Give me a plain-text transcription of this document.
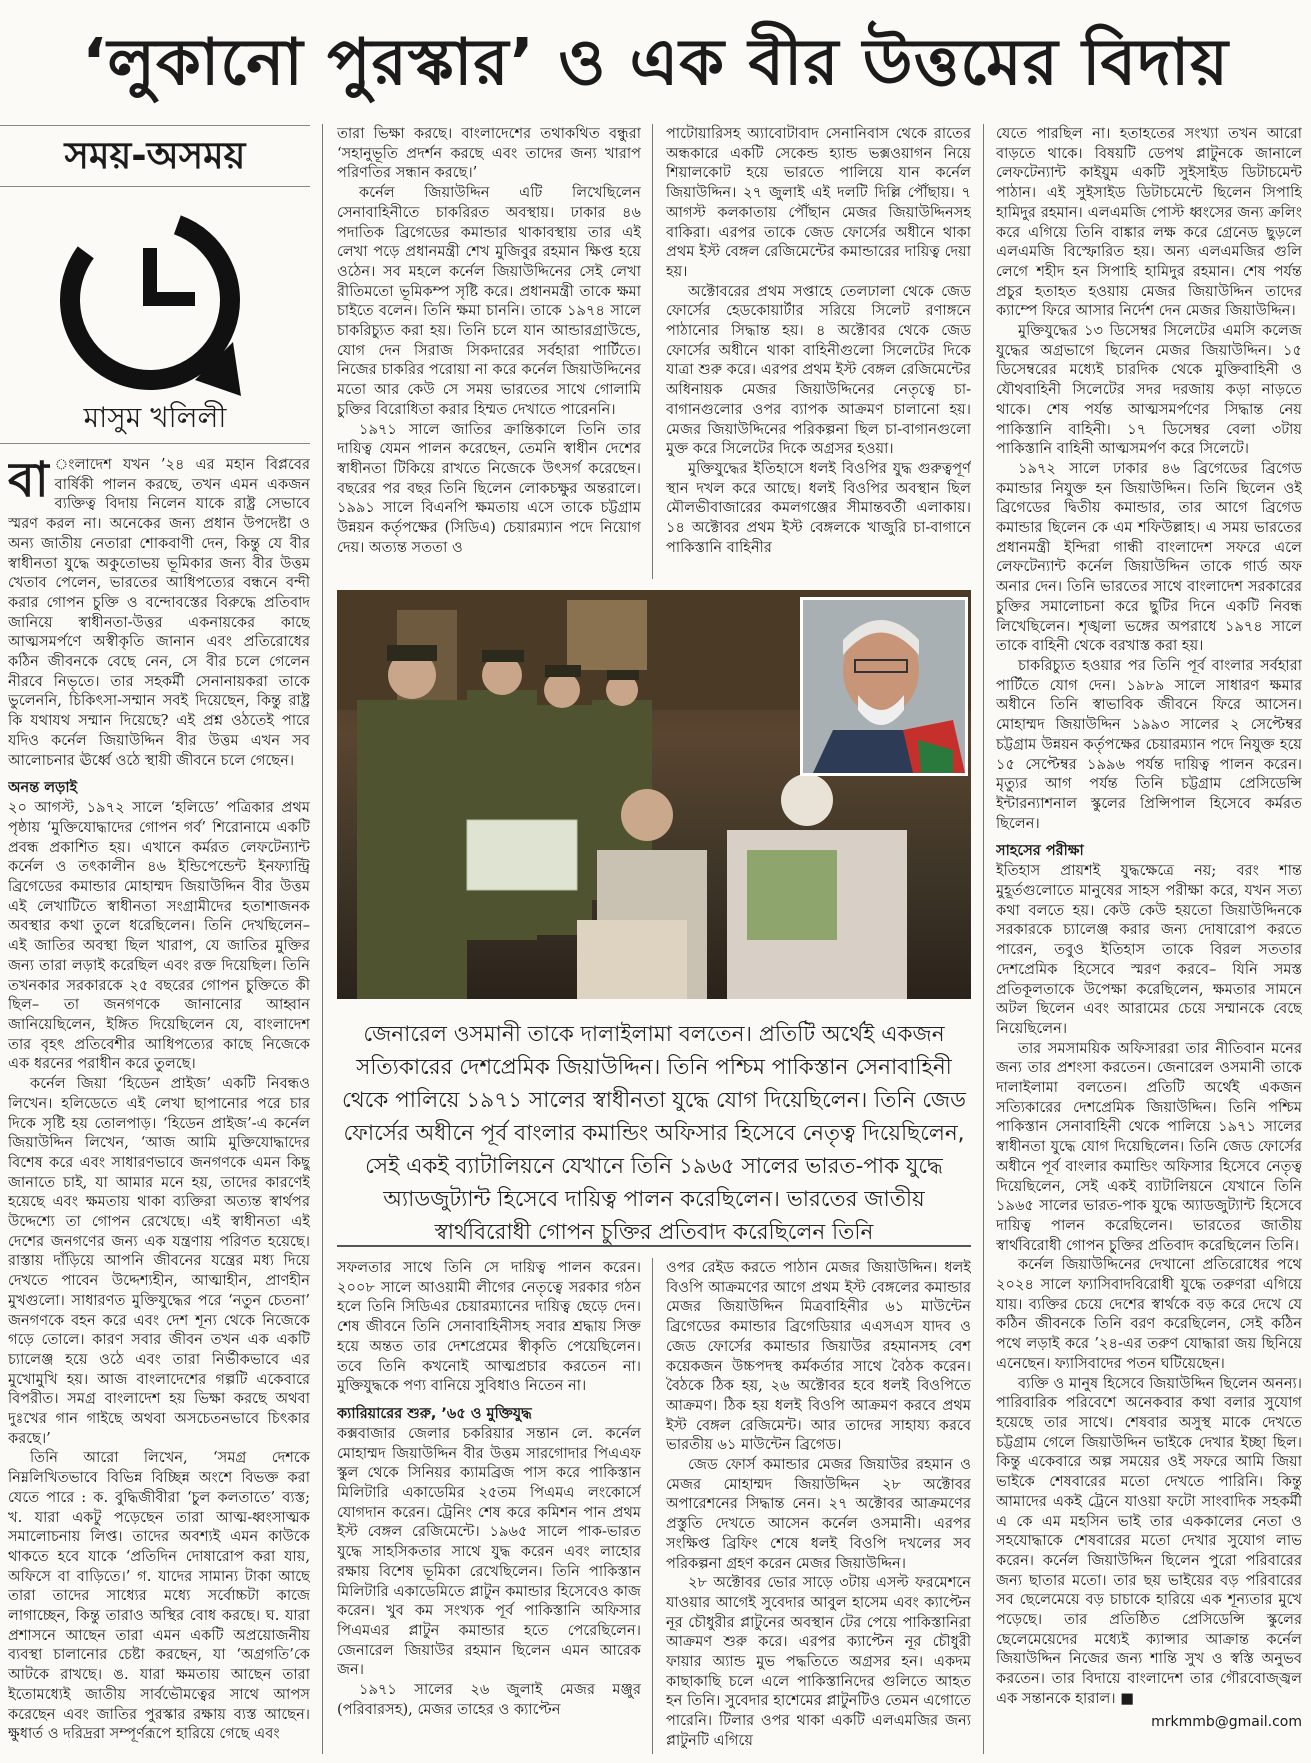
‘লুকানো পুরস্কার’ ও এক বীর উত্তমের বিদায়
সময়-অসময়
মাসুম খলিলী

বা ংলাদেশ যখন ’২৪ এর মহান বিপ্লবের বার্ষিকী পালন করছে, তখন এমন একজন ব্যক্তিত্ব বিদায় নিলেন যাকে রাষ্ট্র সেভাবে স্মরণ করল না। অনেকের জন্য প্রধান উপদেষ্টা ও অন্য জাতীয় নেতারা শোকবাণী দেন, কিন্তু যে বীর স্বাধীনতা যুদ্ধে অকুতোভয় ভূমিকার জন্য বীর উত্তম খেতাব পেলেন, ভারতের আধিপত্যের বন্ধনে বন্দী করার গোপন চুক্তি ও বন্দোবস্তের বিরুদ্ধে প্রতিবাদ জানিয়ে স্বাধীনতা-উত্তর একনায়কের কাছে আত্মসমর্পণে অস্বীকৃতি জানান এবং প্রতিরোধের কঠিন জীবনকে বেছে নেন, সে বীর চলে গেলেন নীরবে নিভৃতে। তার সহকর্মী সেনানায়করা তাকে ভুলেননি, চিকিৎসা-সম্মান সবই দিয়েছেন, কিন্তু রাষ্ট্র কি যথাযথ সম্মান দিয়েছে? এই প্রশ্ন ওঠতেই পারে যদিও কর্নেল জিয়াউদ্দিন বীর উত্তম এখন সব আলোচনার ঊর্ধ্বে ওঠে স্থায়ী জীবনে চলে গেছেন।

অনন্ত লড়াই

২০ আগস্ট, ১৯৭২ সালে ‘হলিডে’ পত্রিকার প্রথম পৃষ্ঠায় ‘মুক্তিযোদ্ধাদের গোপন গর্ব’ শিরোনামে একটি প্রবন্ধ প্রকাশিত হয়। এখানে কর্মরত লেফটেন্যান্ট কর্নেল ও তৎকালীন ৪৬ ইন্ডিপেন্ডেন্ট ইনফ্যান্ট্রি ব্রিগেডের কমান্ডার মোহাম্মদ জিয়াউদ্দিন বীর উত্তম এই লেখাটিতে স্বাধীনতা সংগ্রামীদের হতাশাজনক অবস্থার কথা তুলে ধরেছিলেন। তিনি দেখছিলেন– এই জাতির অবস্থা ছিল খারাপ, যে জাতির মুক্তির জন্য তারা লড়াই করেছিল এবং রক্ত দিয়েছিল। তিনি তখনকার সরকারকে ২৫ বছরের গোপন চুক্তিতে কী ছিল– তা জনগণকে জানানোর আহ্বান জানিয়েছিলেন, ইঙ্গিত দিয়েছিলেন যে, বাংলাদেশ তার বৃহৎ প্রতিবেশীর আধিপত্যের কাছে নিজেকে এক ধরনের পরাধীন করে তুলছে।

কর্নেল জিয়া ‘হিডেন প্রাইজ’ একটি নিবন্ধও লিখেন। হলিডেতে এই লেখা ছাপানোর পরে চার দিকে সৃষ্টি হয় তোলপাড়। ‘হিডেন প্রাইজ’-এ কর্নেল জিয়াউদ্দিন লিখেন, ‘আজ আমি মুক্তিযোদ্ধাদের বিশেষ করে এবং সাধারণভাবে জনগণকে এমন কিছু জানাতে চাই, যা আমার মনে হয়, তাদের কারণেই হয়েছে এবং ক্ষমতায় থাকা ব্যক্তিরা অত্যন্ত স্বার্থপর উদ্দেশ্যে তা গোপন রেখেছে। এই স্বাধীনতা এই দেশের জনগণের জন্য এক যন্ত্রণায় পরিণত হয়েছে। রাস্তায় দাঁড়িয়ে আপনি জীবনের যন্ত্রের মধ্য দিয়ে দেখতে পাবেন উদ্দেশ্যহীন, আত্মাহীন, প্রাণহীন মুখগুলো। সাধারণত মুক্তিযুদ্ধের পরে ‘নতুন চেতনা’ জনগণকে বহন করে এবং দেশ শূন্য থেকে নিজেকে গড়ে তোলে। কারণ সবার জীবন তখন এক একটি চ্যালেঞ্জ হয়ে ওঠে এবং তারা নির্ভীকভাবে এর মুখোমুখি হয়। আজ বাংলাদেশের গল্পটি একেবারে বিপরীত। সমগ্র বাংলাদেশ হয় ভিক্ষা করছে অথবা দুঃখের গান গাইছে অথবা অসচেতনভাবে চিৎকার করছে।’

তিনি আরো লিখেন, ‘সমগ্র দেশকে নিম্নলিখিতভাবে বিভিন্ন বিচ্ছিন্ন অংশে বিভক্ত করা যেতে পারে : ক. বুদ্ধিজীবীরা ‘চুল কলতাতে’ ব্যস্ত; খ. যারা একটু পড়েছেন তারা আত্ম-ধ্বংসাত্মক সমালোচনায় লিপ্ত। তাদের অবশ্যই এমন কাউকে থাকতে হবে যাকে ‘প্রতিদিন দোষারোপ করা যায়, অফিসে বা বাড়িতে।’ গ. যাদের সামান্য টাকা আছে তারা তাদের সাধ্যের মধ্যে সর্বোচ্চটা কাজে লাগাচ্ছেন, কিন্তু তারাও অস্থির বোধ করছে। ঘ. যারা প্রশাসনে আছেন তারা এমন একটি অপ্রয়োজনীয় ব্যবস্থা চালানোর চেষ্টা করছেন, যা ‘অগ্রগতি’কে আটকে রাখছে। ঙ. যারা ক্ষমতায় আছেন তারা ইতোমধ্যেই জাতীয় সার্বভৌমত্বের সাথে আপস করেছেন এবং জাতির পুরস্কার রক্ষায় ব্যস্ত আছেন। ক্ষুধার্ত ও দরিদ্ররা সম্পূর্ণরূপে হারিয়ে গেছে এবং

তারা ভিক্ষা করছে। বাংলাদেশের তথাকথিত বন্ধুরা ‘সহানুভূতি প্রদর্শন করছে এবং তাদের জন্য খারাপ পরিণতির সন্ধান করছে।’

কর্নেল জিয়াউদ্দিন এটি লিখেছিলেন সেনাবাহিনীতে চাকরিরত অবস্থায়। ঢাকার ৪৬ পদাতিক ব্রিগেডের কমান্ডার থাকাবস্থায় তার এই লেখা পড়ে প্রধানমন্ত্রী শেখ মুজিবুর রহমান ক্ষিপ্ত হয়ে ওঠেন। সব মহলে কর্নেল জিয়াউদ্দিনের সেই লেখা রীতিমতো ভূমিকম্প সৃষ্টি করে। প্রধানমন্ত্রী তাকে ক্ষমা চাইতে বলেন। তিনি ক্ষমা চাননি। তাকে ১৯৭৪ সালে চাকরিচ্যুত করা হয়। তিনি চলে যান আন্ডারগ্রাউন্ডে, যোগ দেন সিরাজ সিকদারের সর্বহারা পার্টিতে। নিজের চাকরির পরোয়া না করে কর্নেল জিয়াউদ্দিনের মতো আর কেউ সে সময় ভারতের সাথে গোলামি চুক্তির বিরোধিতা করার হিম্মত দেখাতে পারেননি।

১৯৭১ সালে জাতির ক্রান্তিকালে তিনি তার দায়িত্ব যেমন পালন করেছেন, তেমনি স্বাধীন দেশের স্বাধীনতা টিকিয়ে রাখতে নিজেকে উৎসর্গ করেছেন। বছরের পর বছর তিনি ছিলেন লোকচক্ষুর অন্তরালে। ১৯৯১ সালে বিএনপি ক্ষমতায় এসে তাকে চট্টগ্রাম উন্নয়ন কর্তৃপক্ষের (সিডিএ) চেয়ারম্যান পদে নিয়োগ দেয়। অত্যন্ত সততা ও

পাটোয়ারিসহ অ্যাবোটাবাদ সেনানিবাস থেকে রাতের অন্ধকারে একটি সেকেন্ড হ্যান্ড ভক্সওয়াগন নিয়ে শিয়ালকোট হয়ে ভারতে পালিয়ে যান কর্নেল জিয়াউদ্দিন। ২৭ জুলাই এই দলটি দিল্লি পৌঁছায়। ৭ আগস্ট কলকাতায় পৌঁছান মেজর জিয়াউদ্দিনসহ বাকিরা। এরপর তাকে জেড ফোর্সের অধীনে থাকা প্রথম ইস্ট বেঙ্গল রেজিমেন্টের কমান্ডারের দায়িত্ব দেয়া হয়।

অক্টোবরের প্রথম সপ্তাহে তেলঢালা থেকে জেড ফোর্সের হেডকোয়ার্টার সরিয়ে সিলেট রণাঙ্গনে পাঠানোর সিদ্ধান্ত হয়। ৪ অক্টোবর থেকে জেড ফোর্সের অধীনে থাকা বাহিনীগুলো সিলেটের দিকে যাত্রা শুরু করে। এরপর প্রথম ইস্ট বেঙ্গল রেজিমেন্টের অধিনায়ক মেজর জিয়াউদ্দিনের নেতৃত্বে চা-বাগানগুলোর ওপর ব্যাপক আক্রমণ চালানো হয়। মেজর জিয়াউদ্দিনের পরিকল্পনা ছিল চা-বাগানগুলো মুক্ত করে সিলেটের দিকে অগ্রসর হওয়া।

মুক্তিযুদ্ধের ইতিহাসে ধলই বিওপির যুদ্ধ গুরুত্বপূর্ণ স্থান দখল করে আছে। ধলই বিওপির অবস্থান ছিল মৌলভীবাজারের কমলগঞ্জের সীমান্তবর্তী এলাকায়। ১৪ অক্টোবর প্রথম ইস্ট বেঙ্গলকে খাজুরি চা-বাগানে পাকিস্তানি বাহিনীর

জেনারেল ওসমানী তাকে দালাইলামা বলতেন। প্রতিটি অর্থেই একজন সত্যিকারের দেশপ্রেমিক জিয়াউদ্দিন। তিনি পশ্চিম পাকিস্তান সেনাবাহিনী থেকে পালিয়ে ১৯৭১ সালের স্বাধীনতা যুদ্ধে যোগ দিয়েছিলেন। তিনি জেড ফোর্সের অধীনে পূর্ব বাংলার কমান্ডিং অফিসার হিসেবে নেতৃত্ব দিয়েছিলেন, সেই একই ব্যাটালিয়নে যেখানে তিনি ১৯৬৫ সালের ভারত-পাক যুদ্ধে অ্যাডজুট্যান্ট হিসেবে দায়িত্ব পালন করেছিলেন। ভারতের জাতীয় স্বার্থবিরোধী গোপন চুক্তির প্রতিবাদ করেছিলেন তিনি

সফলতার সাথে তিনি সে দায়িত্ব পালন করেন। ২০০৮ সালে আওয়ামী লীগের নেতৃত্বে সরকার গঠন হলে তিনি সিডিএর চেয়ারম্যানের দায়িত্ব ছেড়ে দেন। শেষ জীবনে তিনি সেনাবাহিনীসহ সবার শ্রদ্ধায় সিক্ত হয়ে অন্তত তার দেশপ্রেমের স্বীকৃতি পেয়েছিলেন। তবে তিনি কখনোই আত্মপ্রচার করতেন না। মুক্তিযুদ্ধকে পণ্য বানিয়ে সুবিধাও নিতেন না।

ক্যারিয়ারের শুরু, ’৬৫ ও মুক্তিযুদ্ধ

কক্সবাজার জেলার চকরিয়ার সন্তান লে. কর্নেল মোহাম্মদ জিয়াউদ্দিন বীর উত্তম সারগোদার পিএএফ স্কুল থেকে সিনিয়র ক্যামব্রিজ পাস করে পাকিস্তান মিলিটারি একাডেমির ২৫তম পিএমএ লংকোর্সে যোগদান করেন। ট্রেনিং শেষ করে কমিশন পান প্রথম ইস্ট বেঙ্গল রেজিমেন্টে। ১৯৬৫ সালে পাক-ভারত যুদ্ধে সাহসিকতার সাথে যুদ্ধ করেন এবং লাহোর রক্ষায় বিশেষ ভূমিকা রেখেছিলেন। তিনি পাকিস্তান মিলিটারি একাডেমিতে প্লাটুন কমান্ডার হিসেবেও কাজ করেন। খুব কম সংখ্যক পূর্ব পাকিস্তানি অফিসার পিএমএর প্লাটুন কমান্ডার হতে পেরেছিলেন। জেনারেল জিয়াউর রহমান ছিলেন এমন আরেক জন।

১৯৭১ সালের ২৬ জুলাই মেজর মঞ্জুর (পরিবারসহ), মেজর তাহের ও ক্যাপ্টেন

ওপর রেইড করতে পাঠান মেজর জিয়াউদ্দিন। ধলই বিওপি আক্রমণের আগে প্রথম ইস্ট বেঙ্গলের কমান্ডার মেজর জিয়াউদ্দিন মিত্রবাহিনীর ৬১ মাউন্টেন ব্রিগেডের কমান্ডার ব্রিগেডিয়ার এএসএস যাদব ও জেড ফোর্সের কমান্ডার জিয়াউর রহমানসহ বেশ কয়েকজন উচ্চপদস্থ কর্মকর্তার সাথে বৈঠক করেন। বৈঠকে ঠিক হয়, ২৬ অক্টোবর হবে ধলই বিওপিতে আক্রমণ। ঠিক হয় ধলই বিওপি আক্রমণ করবে প্রথম ইস্ট বেঙ্গল রেজিমেন্ট। আর তাদের সাহায্য করবে ভারতীয় ৬১ মাউন্টেন ব্রিগেড।

জেড ফোর্স কমান্ডার মেজর জিয়াউর রহমান ও মেজর মোহাম্মদ জিয়াউদ্দিন ২৮ অক্টোবর অপারেশনের সিদ্ধান্ত নেন। ২৭ অক্টোবর আক্রমণের প্রস্তুতি দেখতে আসেন কর্নেল ওসমানী। এরপর সংক্ষিপ্ত ব্রিফিং শেষে ধলই বিওপি দখলের সব পরিকল্পনা গ্রহণ করেন মেজর জিয়াউদ্দিন।

২৮ অক্টোবর ভোর সাড়ে ৩টায় এসল্ট ফরমেশনে যাওয়ার আগেই সুবেদার আবুল হাসেম এবং ক্যাপ্টেন নূর চৌধুরীর প্লাটুনের অবস্থান টের পেয়ে পাকিস্তানিরা আক্রমণ শুরু করে। এরপর ক্যাপ্টেন নূর চৌধুরী ফায়ার অ্যান্ড মুভ পদ্ধতিতে অগ্রসর হন। একদম কাছাকাছি চলে এলে পাকিস্তানিদের গুলিতে আহত হন তিনি। সুবেদার হাশেমের প্লাটুনটিও তেমন এগোতে পারেনি। টিলার ওপর থাকা একটি এলএমজির জন্য প্লাটুনটি এগিয়ে

যেতে পারছিল না। হতাহতের সংখ্যা তখন আরো বাড়তে থাকে। বিষয়টি ডেপথ প্লাটুনকে জানালে লেফটেন্যান্ট কাইয়ুম একটি সুইসাইড ডিটাচমেন্ট পাঠান। এই সুইসাইড ডিটাচমেন্টে ছিলেন সিপাহি হামিদুর রহমান। এলএমজি পোস্ট ধ্বংসের জন্য ক্রলিং করে এগিয়ে তিনি বাঙ্কার লক্ষ করে গ্রেনেড ছুড়লে এলএমজি বিস্ফোরিত হয়। অন্য এলএমজির গুলি লেগে শহীদ হন সিপাহি হামিদুর রহমান। শেষ পর্যন্ত প্রচুর হতাহত হওয়ায় মেজর জিয়াউদ্দিন তাদের ক্যাম্পে ফিরে আসার নির্দেশ দেন মেজর জিয়াউদ্দিন।

মুক্তিযুদ্ধের ১৩ ডিসেম্বর সিলেটের এমসি কলেজ যুদ্ধের অগ্রভাগে ছিলেন মেজর জিয়াউদ্দিন। ১৫ ডিসেম্বরের মধ্যেই চারদিক থেকে মুক্তিবাহিনী ও যৌথবাহিনী সিলেটের সদর দরজায় কড়া নাড়তে থাকে। শেষ পর্যন্ত আত্মসমর্পণের সিদ্ধান্ত নেয় পাকিস্তানি বাহিনী। ১৭ ডিসেম্বর বেলা ৩টায় পাকিস্তানি বাহিনী আত্মসমর্পণ করে সিলেটে।

১৯৭২ সালে ঢাকার ৪৬ ব্রিগেডের ব্রিগেড কমান্ডার নিযুক্ত হন জিয়াউদ্দিন। তিনি ছিলেন ওই ব্রিগেডের দ্বিতীয় কমান্ডার, তার আগে ব্রিগেড কমান্ডার ছিলেন কে এম শফিউল্লাহ। এ সময় ভারতের প্রধানমন্ত্রী ইন্দিরা গান্ধী বাংলাদেশ সফরে এলে লেফটেন্যান্ট কর্নেল জিয়াউদ্দিন তাকে গার্ড অফ অনার দেন। তিনি ভারতের সাথে বাংলাদেশ সরকারের চুক্তির সমালোচনা করে ছুটির দিনে একটি নিবন্ধ লিখেছিলেন। শৃঙ্খলা ভঙ্গের অপরাধে ১৯৭৪ সালে তাকে বাহিনী থেকে বরখাস্ত করা হয়।

চাকরিচ্যুত হওয়ার পর তিনি পূর্ব বাংলার সর্বহারা পার্টিতে যোগ দেন। ১৯৮৯ সালে সাধারণ ক্ষমার অধীনে তিনি স্বাভাবিক জীবনে ফিরে আসেন। মোহাম্মদ জিয়াউদ্দিন ১৯৯৩ সালের ২ সেপ্টেম্বর চট্টগ্রাম উন্নয়ন কর্তৃপক্ষের চেয়ারম্যান পদে নিযুক্ত হয়ে ১৫ সেপ্টেম্বর ১৯৯৬ পর্যন্ত দায়িত্ব পালন করেন। মৃত্যুর আগ পর্যন্ত তিনি চট্টগ্রাম প্রেসিডেন্সি ইন্টারন্যাশনাল স্কুলের প্রিন্সিপাল হিসেবে কর্মরত ছিলেন।

সাহসের পরীক্ষা

ইতিহাস প্রায়শই যুদ্ধক্ষেত্রে নয়; বরং শান্ত মুহূর্তগুলোতে মানুষের সাহস পরীক্ষা করে, যখন সত্য কথা বলতে হয়। কেউ কেউ হয়তো জিয়াউদ্দিনকে সরকারকে চ্যালেঞ্জ করার জন্য দোষারোপ করতে পারেন, তবুও ইতিহাস তাকে বিরল সততার দেশপ্রেমিক হিসেবে স্মরণ করবে– যিনি সমস্ত প্রতিকূলতাকে উপেক্ষা করেছিলেন, ক্ষমতার সামনে অটল ছিলেন এবং আরামের চেয়ে সম্মানকে বেছে নিয়েছিলেন।

তার সমসাময়িক অফিসাররা তার নীতিবান মনের জন্য তার প্রশংসা করতেন। জেনারেল ওসমানী তাকে দালাইলামা বলতেন। প্রতিটি অর্থেই একজন সত্যিকারের দেশপ্রেমিক জিয়াউদ্দিন। তিনি পশ্চিম পাকিস্তান সেনাবাহিনী থেকে পালিয়ে ১৯৭১ সালের স্বাধীনতা যুদ্ধে যোগ দিয়েছিলেন। তিনি জেড ফোর্সের অধীনে পূর্ব বাংলার কমান্ডিং অফিসার হিসেবে নেতৃত্ব দিয়েছিলেন, সেই একই ব্যাটালিয়নে যেখানে তিনি ১৯৬৫ সালের ভারত-পাক যুদ্ধে অ্যাডজুট্যান্ট হিসেবে দায়িত্ব পালন করেছিলেন। ভারতের জাতীয় স্বার্থবিরোধী গোপন চুক্তির প্রতিবাদ করেছিলেন তিনি।

কর্নেল জিয়াউদ্দিনের দেখানো প্রতিরোধের পথে ২০২৪ সালে ফ্যাসিবাদবিরোধী যুদ্ধে তরুণরা এগিয়ে যায়। ব্যক্তির চেয়ে দেশের স্বার্থকে বড় করে দেখে যে কঠিন জীবনকে তিনি বরণ করেছিলেন, সেই কঠিন পথে লড়াই করে ’২৪-এর তরুণ যোদ্ধারা জয় ছিনিয়ে এনেছেন। ফ্যাসিবাদের পতন ঘটিয়েছেন।

ব্যক্তি ও মানুষ হিসেবে জিয়াউদ্দিন ছিলেন অনন্য। পারিবারিক পরিবেশে অনেকবার কথা বলার সুযোগ হয়েছে তার সাথে। শেষবার অসুস্থ মাকে দেখতে চট্টগ্রাম গেলে জিয়াউদ্দিন ভাইকে দেখার ইচ্ছা ছিল। কিন্তু একেবারে অল্প সময়ের ওই সফরে আমি জিয়া ভাইকে শেষবারের মতো দেখতে পারিনি। কিন্তু আমাদের একই ট্রেনে যাওয়া ফটো সাংবাদিক সহকর্মী এ কে এম মহসিন ভাই তার এককালের নেতা ও সহযোদ্ধাকে শেষবারের মতো দেখার সুযোগ লাভ করেন। কর্নেল জিয়াউদ্দিন ছিলেন পুরো পরিবারের জন্য ছাতার মতো। তার ছয় ভাইয়ের বড় পরিবারের সব ছেলেমেয়ে বড় চাচাকে হারিয়ে এক শূন্যতার মুখে পড়েছে। তার প্রতিষ্ঠিত প্রেসিডেন্সি স্কুলের ছেলেমেয়েদের মধ্যেই ক্যান্সার আক্রান্ত কর্নেল জিয়াউদ্দিন নিজের জন্য শান্তি সুখ ও স্বস্তি অনুভব করতেন। তার বিদায়ে বাংলাদেশ তার গৌরবোজ্জ্বল এক সন্তানকে হারাল। ■

mrkmmb@gmail.com
